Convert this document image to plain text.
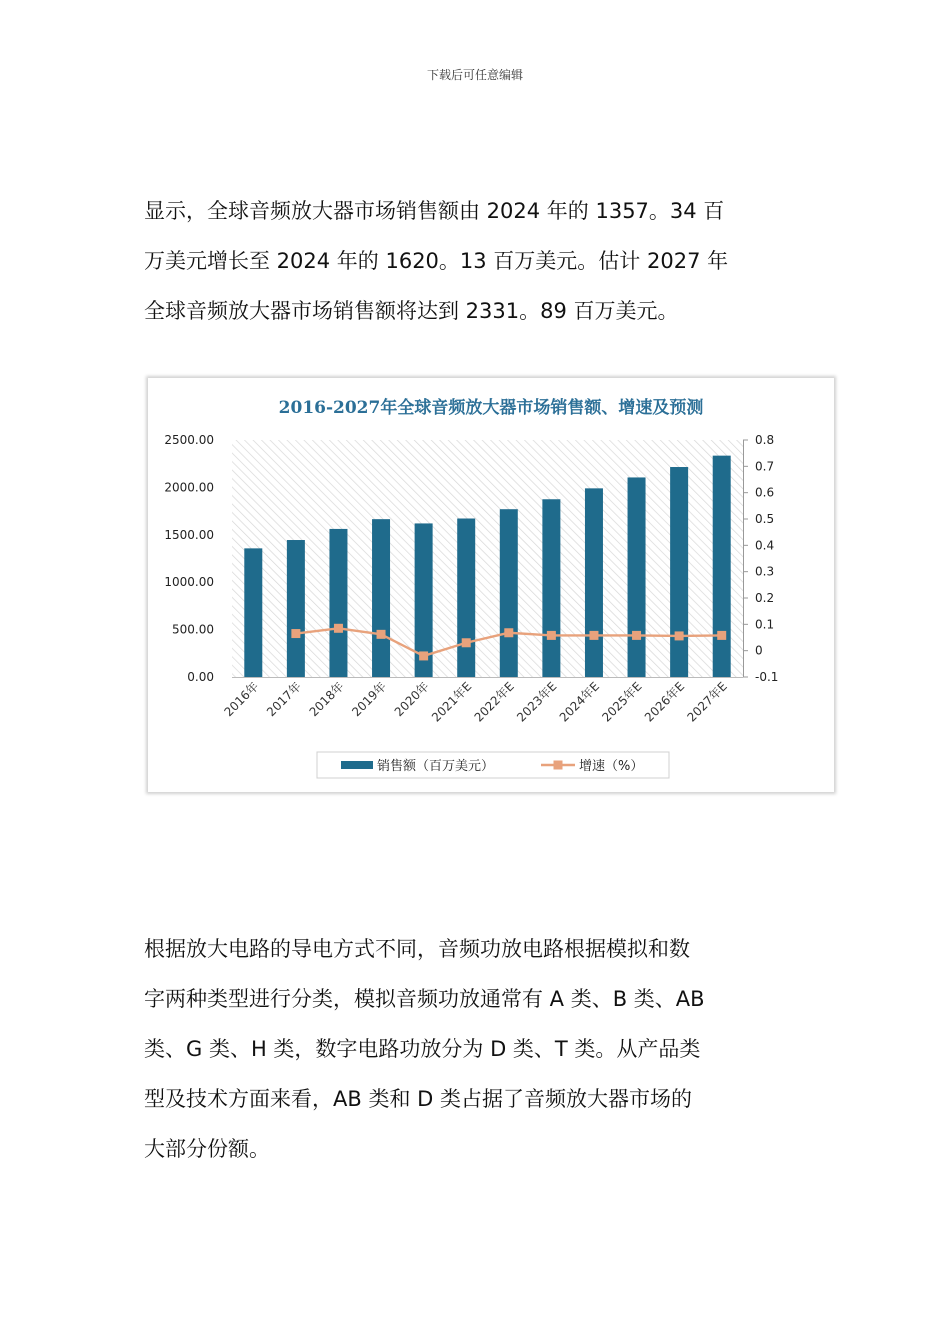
下载后可任意编辑

显示，全球音频放大器市场销售额由 2024 年的 1357。34 百
万美元增长至 2024 年的 1620。13 百万美元。估计 2027 年
全球音频放大器市场销售额将达到 2331。89 百万美元。

2016-2027年全球音频放大器市场销售额、增速及预测
0.00
500.00
1000.00
1500.00
2000.00
2500.00
-0.1
0
0.1
0.2
0.3
0.4
0.5
0.6
0.7
0.8
2016年 2017年 2018年 2019年 2020年
2021年E
2022年E
2023年E
2024年E
2025年E
2026年E
2027年E
销售额（百万美元）	增速（%）

根据放大电路的导电方式不同，音频功放电路根据模拟和数
字两种类型进行分类，模拟音频功放通常有 A 类、B 类、AB
类、G 类、H 类，数字电路功放分为 D 类、T 类。从产品类
型及技术方面来看，AB 类和 D 类占据了音频放大器市场的
大部分份额。
